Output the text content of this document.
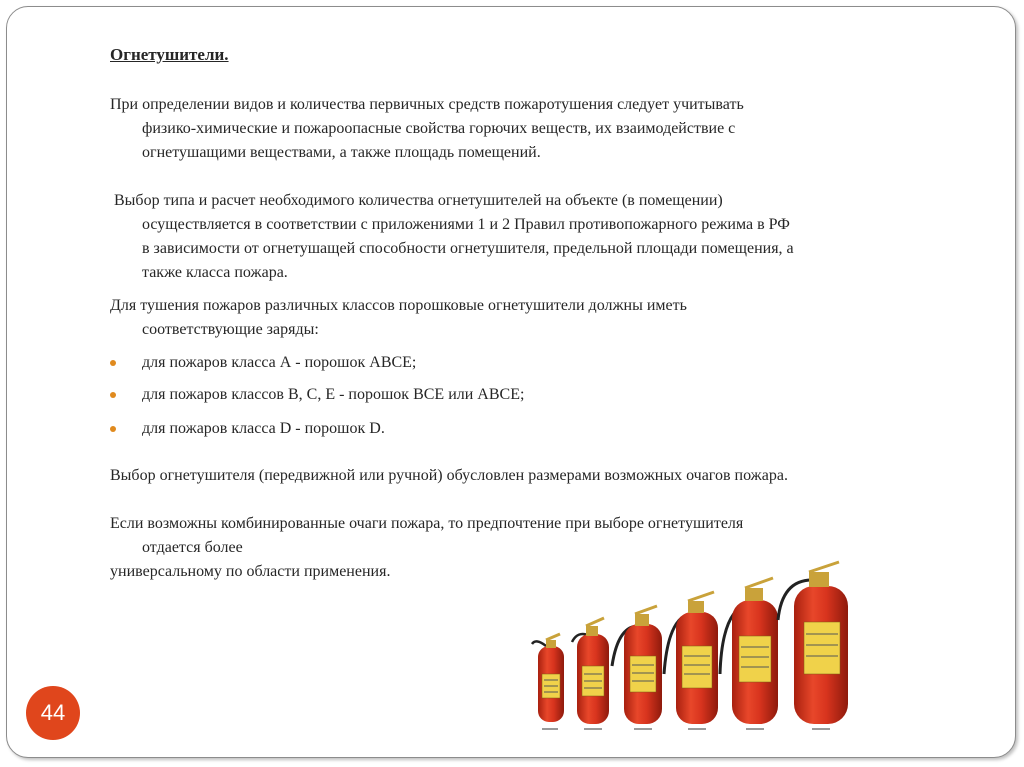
Огнетушители.
При определении видов и количества первичных средств пожаротушения следует учитывать
физико-химические и пожароопасные свойства горючих веществ, их взаимодействие с
огнетушащими веществами, а также площадь помещений.
Выбор типа и расчет необходимого количества огнетушителей на объекте (в помещении)
осуществляется в соответствии с приложениями 1 и 2 Правил противопожарного режима в РФ
в зависимости от огнетушащей способности огнетушителя, предельной площади помещения, а
также класса пожара.
Для тушения пожаров различных классов порошковые огнетушители должны иметь
соответствующие заряды:
для пожаров класса А - порошок АВСЕ;
для пожаров классов В, С, Е - порошок ВСЕ или АВСЕ;
для пожаров класса D - порошок D.
Выбор огнетушителя (передвижной или ручной) обусловлен размерами возможных очагов пожара.
Если возможны комбинированные очаги пожара, то предпочтение при выборе огнетушителя
отдается более
универсальному по области применения.
44
